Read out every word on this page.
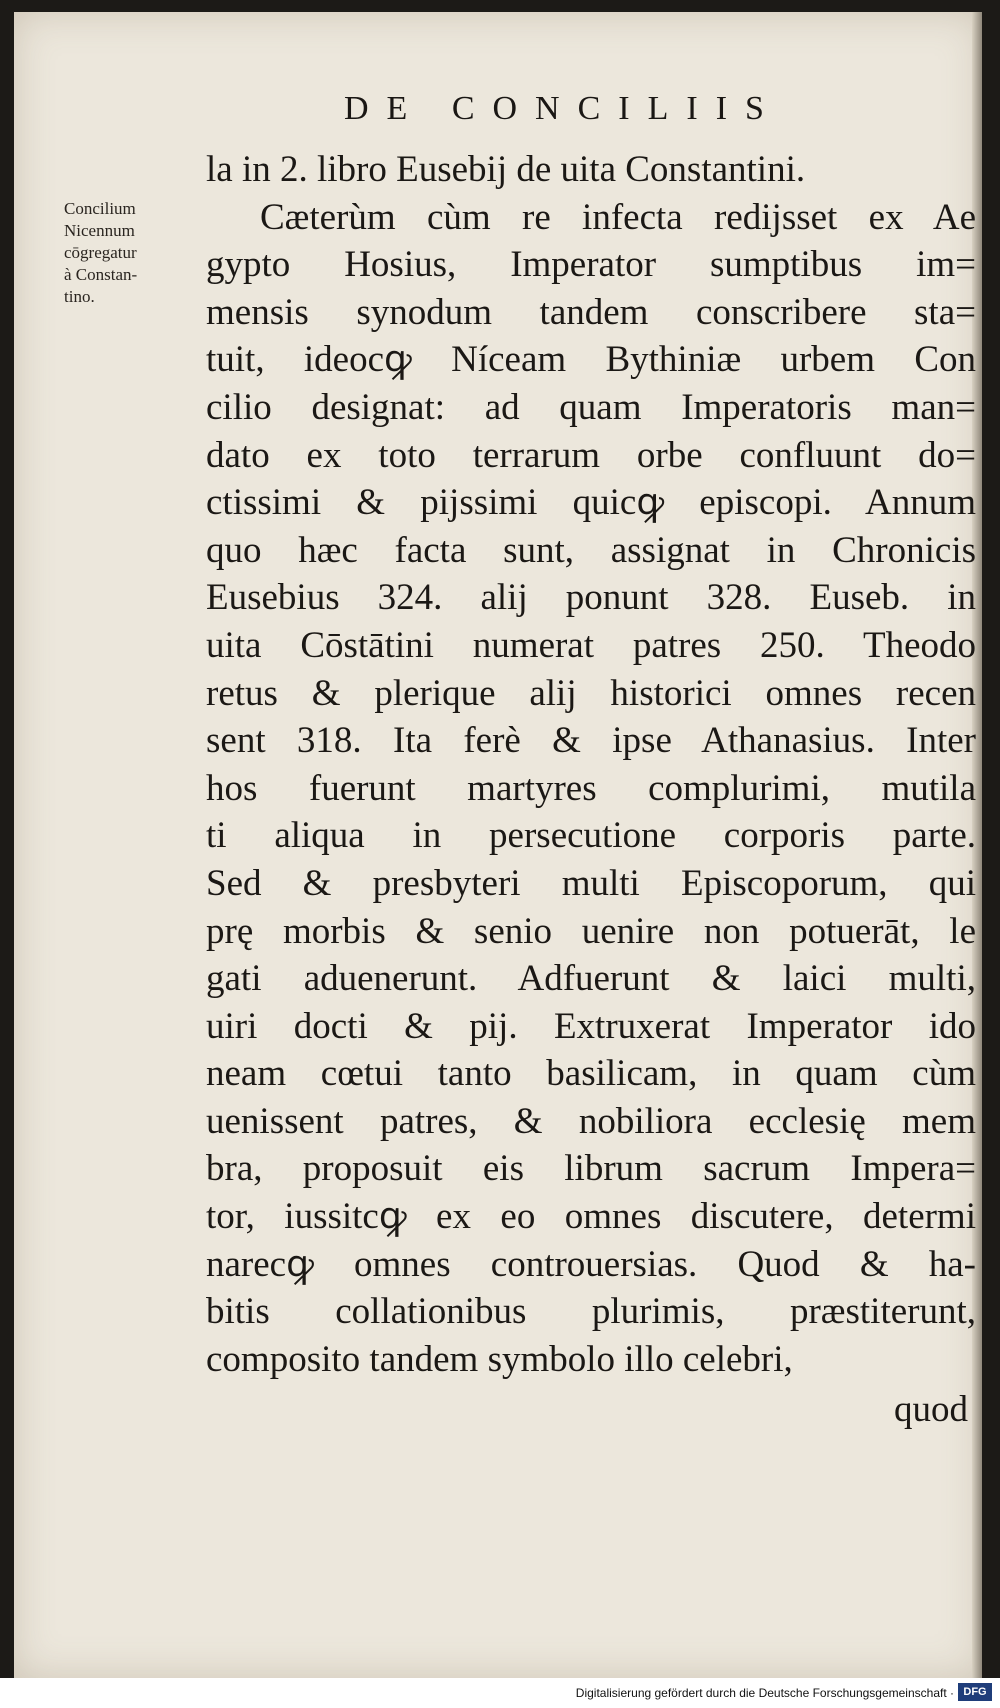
DE CONCILIIS
Concilium
Nicennum
cōgregatur
à Constan-
tino.
la in 2. libro Eusebij de uita Constantini.
Cæterùm cùm re infecta redijsset ex Ae
gypto Hosius, Imperator sumptibus im=
mensis synodum tandem conscribere sta=
tuit, ideocꝙ Níceam Bythiniæ urbem Con
cilio designat: ad quam Imperatoris man=
dato ex toto terrarum orbe confluunt do=
ctissimi & pijssimi quicꝙ episcopi. Annum
quo hæc facta sunt, assignat in Chronicis
Eusebius 324. alij ponunt 328. Euseb. in
uita Cōstātini numerat patres 250. Theodo
retus & plerique alij historici omnes recen
sent 318. Ita ferè & ipse Athanasius. Inter
hos fuerunt martyres complurimi, mutila
ti aliqua in persecutione corporis parte.
Sed & presbyteri multi Episcoporum, qui
prę morbis & senio uenire non potuerāt, le
gati aduenerunt. Adfuerunt & laici multi,
uiri docti & pij. Extruxerat Imperator ido
neam cœtui tanto basilicam, in quam cùm
uenissent patres, & nobiliora ecclesię mem
bra, proposuit eis librum sacrum Impera=
tor, iussitcꝙ ex eo omnes discutere, determi
narecꝙ omnes controuersias. Quod & ha-
bitis collationibus plurimis, præstiterunt,
composito tandem symbolo illo celebri,
quod
Digitalisierung gefördert durch die Deutsche Forschungsgemeinschaft · DFG
